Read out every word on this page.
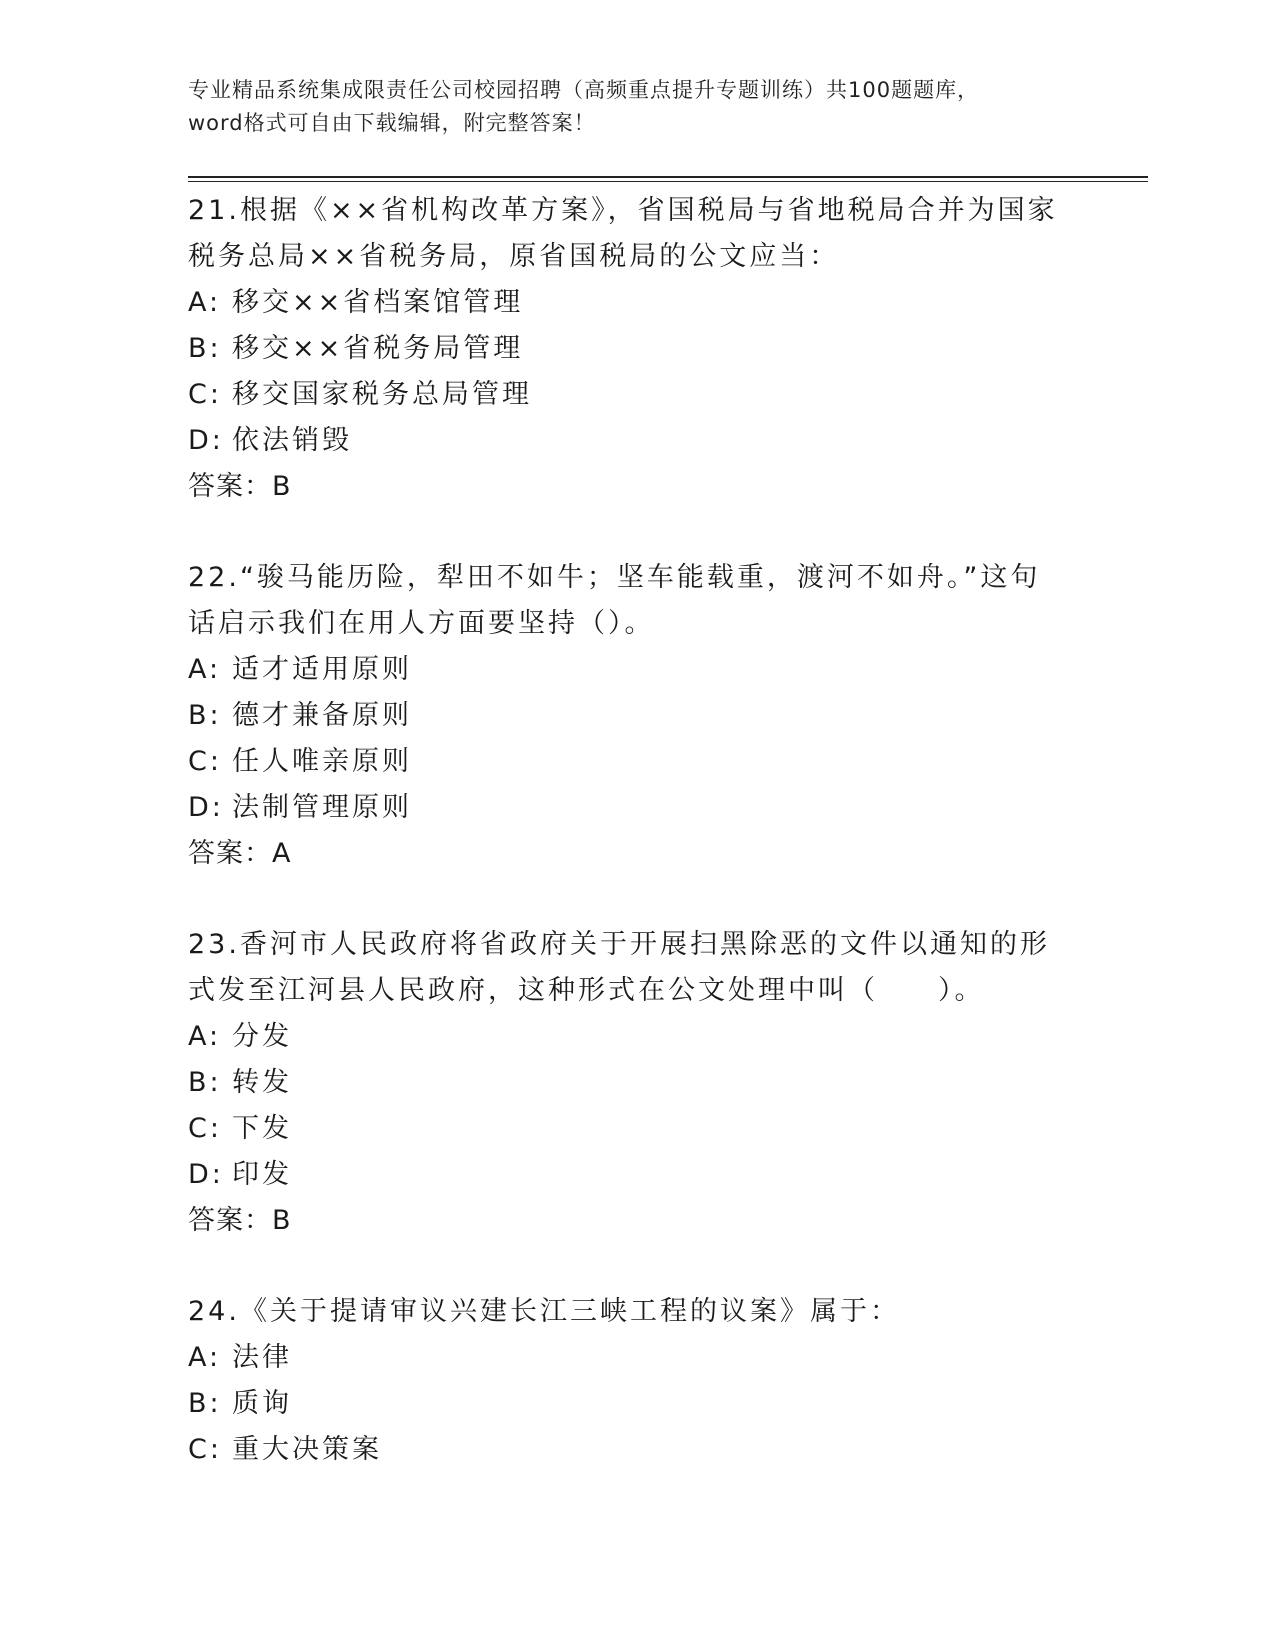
专业精品系统集成限责任公司校园招聘（高频重点提升专题训练）共100题题库，word格式可自由下载编辑，附完整答案！

21.根据《××省机构改革方案》，省国税局与省地税局合并为国家税务总局××省税务局，原省国税局的公文应当：

A: 移交××省档案馆管理

B: 移交××省税务局管理

C: 移交国家税务总局管理

D: 依法销毁

答案：B

22.“骏马能历险，犁田不如牛；坚车能载重，渡河不如舟。”这句话启示我们在用人方面要坚持（）。

A: 适才适用原则

B: 德才兼备原则

C: 任人唯亲原则

D: 法制管理原则

答案：A

23.香河市人民政府将省政府关于开展扫黑除恶的文件以通知的形式发至江河县人民政府，这种形式在公文处理中叫（　　）。

A: 分发

B: 转发

C: 下发

D: 印发

答案：B

24.《关于提请审议兴建长江三峡工程的议案》属于：

A: 法律

B: 质询

C: 重大决策案
